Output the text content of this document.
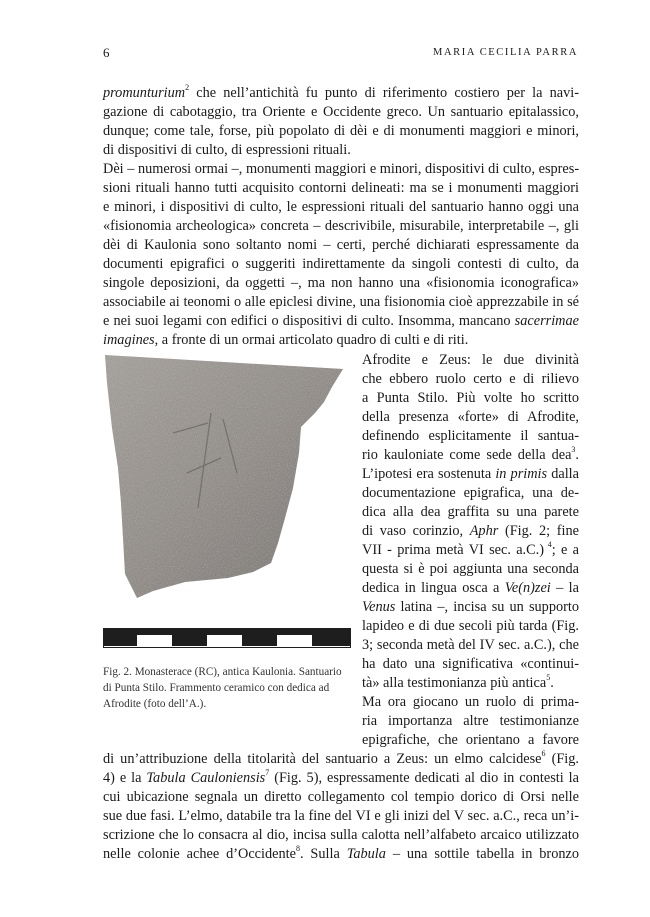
6	MARIA CECILIA PARRA
promunturium$^2$ che nell’antichità fu punto di riferimento costiero per la navi-
gazione di cabotaggio, tra Oriente e Occidente greco. Un santuario epitalassico,
dunque; come tale, forse, più popolato di dèi e di monumenti maggiori e minori,
di dispositivi di culto, di espressioni rituali.
Dèi – numerosi ormai –, monumenti maggiori e minori, dispositivi di culto, espres-
sioni rituali hanno tutti acquisito contorni delineati: ma se i monumenti maggiori
e minori, i dispositivi di culto, le espressioni rituali del santuario hanno oggi una
«fisionomia archeologica» concreta – descrivibile, misurabile, interpretabile –, gli
dèi di Kaulonia sono soltanto nomi – certi, perché dichiarati espressamente da
documenti epigrafici o suggeriti indirettamente da singoli contesti di culto, da
singole deposizioni, da oggetti –, ma non hanno una «fisionomia iconografica»
associabile ai teonomi o alle epiclesi divine, una fisionomia cioè apprezzabile in sé
e nei suoi legami con edifici o dispositivi di culto. Insomma, mancano sacerrimae
imagines, a fronte di un ormai articolato quadro di culti e di riti.
Afrodite e Zeus: le due divinità
che ebbero ruolo certo e di rilievo
a Punta Stilo. Più volte ho scritto
della presenza «forte» di Afrodite,
definendo esplicitamente il santua-
rio kauloniate come sede della dea$^3$.
L’ipotesi era sostenuta in primis dalla
documentazione epigrafica, una de-
dica alla dea graffita su una parete
di vaso corinzio, Aphr (Fig. 2; fine
VII - prima metà VI sec. a.C.) $^4$; e a
questa si è poi aggiunta una seconda
dedica in lingua osca a Ve(n)zei – la
Venus latina –, incisa su un supporto
lapideo e di due secoli più tarda (Fig.
3; seconda metà del IV sec. a.C.), che
ha dato una significativa «continui-
tà» alla testimonianza più antica$^5$.
Ma ora giocano un ruolo di prima-
ria importanza altre testimonianze
epigrafiche, che orientano a favore
di un’attribuzione della titolarità del santuario a Zeus: un elmo calcidese$^6$ (Fig.
4) e la Tabula Cauloniensis$^7$ (Fig. 5), espressamente dedicati al dio in contesti la
cui ubicazione segnala un diretto collegamento col tempio dorico di Orsi nelle
sue due fasi. L’elmo, databile tra la fine del VI e gli inizi del V sec. a.C., reca un’i-
scrizione che lo consacra al dio, incisa sulla calotta nell’alfabeto arcaico utilizzato
nelle colonie achee d’Occidente$^8$. Sulla Tabula – una sottile tabella in bronzo
Fig. 2. Monasterace (RC), antica Kaulonia. Santuario
di Punta Stilo. Frammento ceramico con dedica ad
Afrodite (foto dell’A.).
